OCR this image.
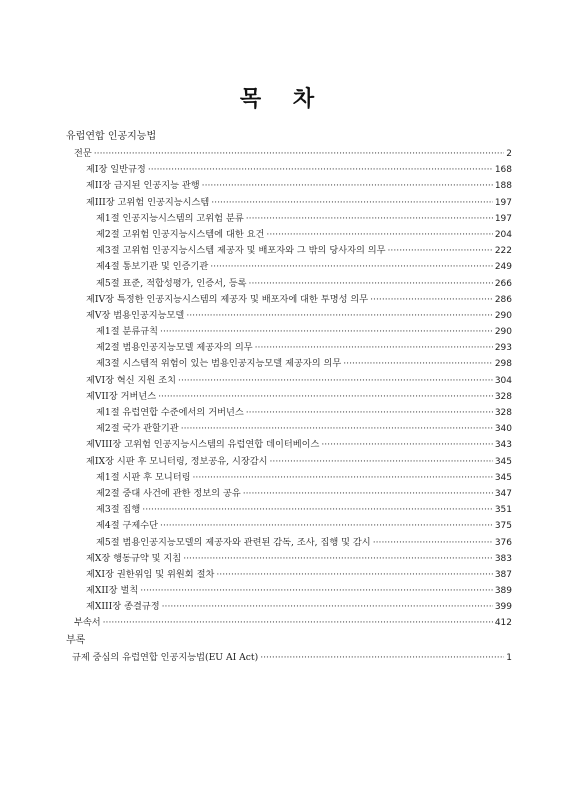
목 차
유럽연합 인공지능법
전문 ·····	2
제I장 일반규정 ·····	168
제II장 금지된 인공지능 관행 ·····	188
제III장 고위험 인공지능시스템 ·····	197
제1절 인공지능시스템의 고위험 분류 ·····	197
제2절 고위험 인공지능시스템에 대한 요건 ·····	204
제3절 고위험 인공지능시스템 제공자 및 배포자와 그 밖의 당사자의 의무 ·····	222
제4절 통보기관 및 인증기관 ·····	249
제5절 표준, 적합성평가, 인증서, 등록 ·····	266
제IV장 특정한 인공지능시스템의 제공자 및 배포자에 대한 투명성 의무 ·····	286
제V장 범용인공지능모델 ·····	290
제1절 분류규칙 ·····	290
제2절 범용인공지능모델 제공자의 의무 ·····	293
제3절 시스템적 위험이 있는 범용인공지능모델 제공자의 의무 ·····	298
제VI장 혁신 지원 조치 ·····	304
제VII장 거버넌스 ·····	328
제1절 유럽연합 수준에서의 거버넌스 ·····	328
제2절 국가 관할기관 ·····	340
제VIII장 고위험 인공지능시스템의 유럽연합 데이터베이스 ·····	343
제IX장 시판 후 모니터링, 정보공유, 시장감시 ·····	345
제1절 시판 후 모니터링 ·····	345
제2절 중대 사건에 관한 정보의 공유 ·····	347
제3절 집행 ·····	351
제4절 구제수단 ·····	375
제5절 범용인공지능모델의 제공자와 관련된 감독, 조사, 집행 및 감시 ·····	376
제X장 행동규약 및 지침 ·····	383
제XI장 권한위임 및 위원회 절차 ·····	387
제XII장 벌칙 ·····	389
제XIII장 종결규정 ·····	399
부속서 ·····	412
부록
규제 중심의 유럽연합 인공지능법(EU AI Act) ·····	1
